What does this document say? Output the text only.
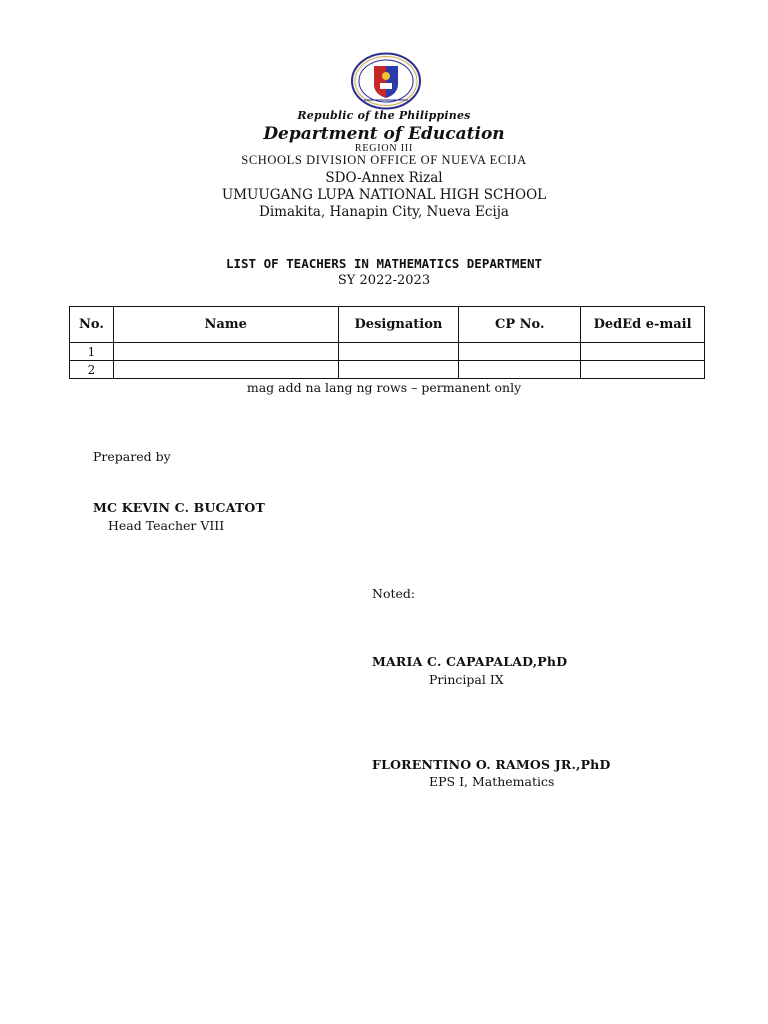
Republic of the Philippines
Department of Education
REGION III
SCHOOLS DIVISION OFFICE OF NUEVA ECIJA
SDO-Annex Rizal
UMUUGANG LUPA NATIONAL HIGH SCHOOL
Dimakita, Hanapin City, Nueva Ecija
LIST OF TEACHERS IN MATHEMATICS DEPARTMENT
SY 2022-2023
No.	Name	Designation	CP No.	DedEd e-mail
1				
2				
mag add na lang ng rows – permanent only
Prepared by
MC KEVIN C. BUCATOT
Head Teacher VIII
Noted:
MARIA C. CAPAPALAD,PhD
Principal IX
FLORENTINO O. RAMOS JR.,PhD
EPS I, Mathematics
